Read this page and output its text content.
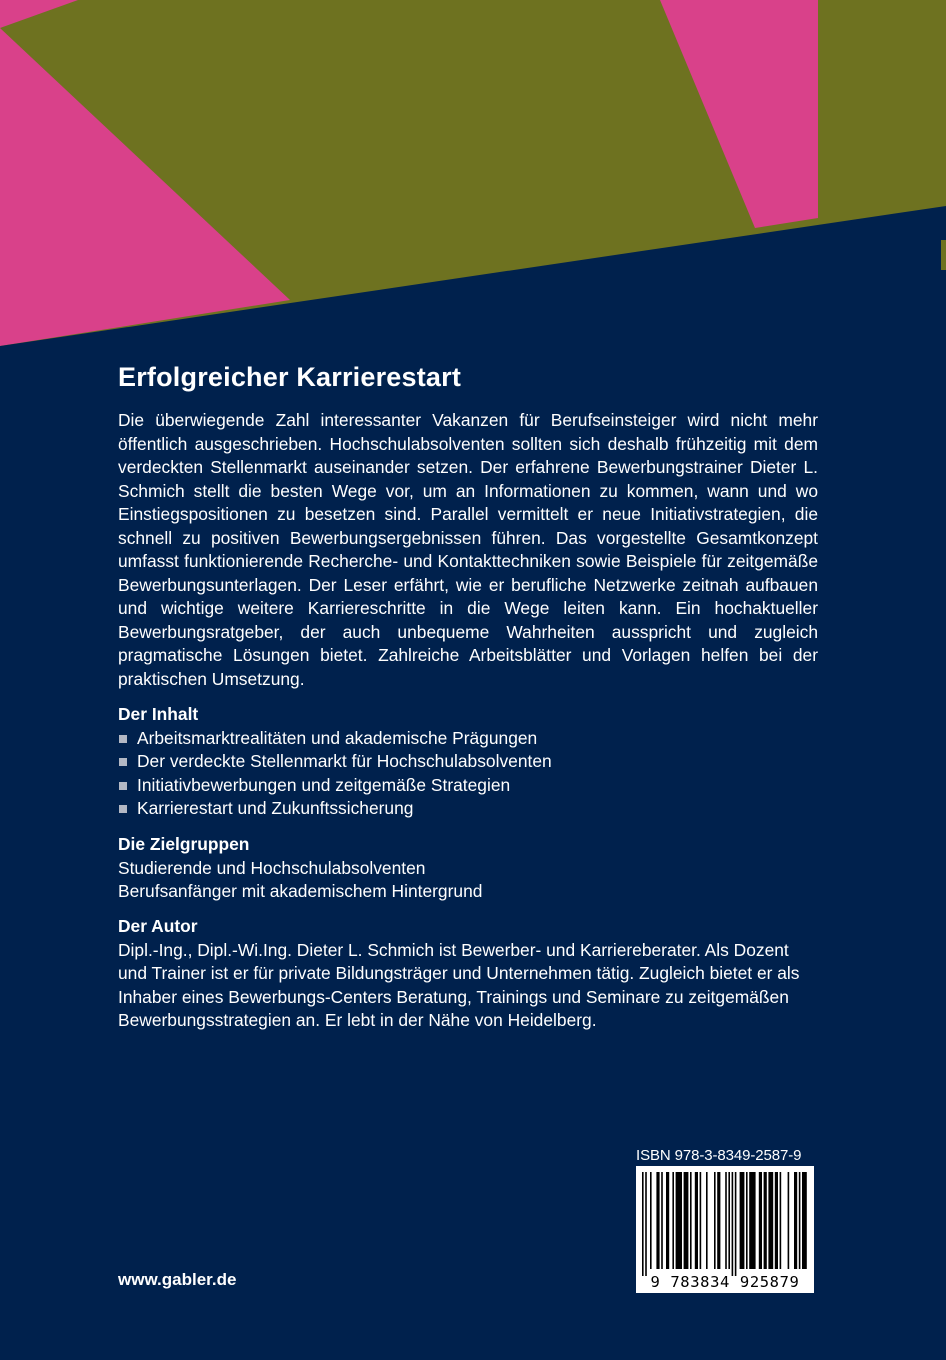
Erfolgreicher Karrierestart

Die überwiegende Zahl interessanter Vakanzen für Berufseinsteiger wird nicht mehr öffentlich ausgeschrieben. Hochschulabsolventen sollten sich deshalb frühzeitig mit dem verdeckten Stellenmarkt auseinander setzen. Der erfahrene Bewerbungstrainer Dieter L. Schmich stellt die besten Wege vor, um an Informationen zu kommen, wann und wo Einstiegspositionen zu besetzen sind. Parallel vermittelt er neue Initiativstrategien, die schnell zu positiven Bewerbungsergebnissen führen. Das vorgestellte Gesamtkonzept umfasst funktionierende Recherche- und Kontakttechniken sowie Beispiele für zeitgemäße Bewerbungsunterlagen. Der Leser erfährt, wie er berufliche Netzwerke zeitnah aufbauen und wichtige weitere Karriereschritte in die Wege leiten kann. Ein hochaktueller Bewerbungsratgeber, der auch unbequeme Wahrheiten ausspricht und zugleich pragmatische Lösungen bietet. Zahlreiche Arbeitsblätter und Vorlagen helfen bei der praktischen Umsetzung.

Der Inhalt
Arbeitsmarktrealitäten und akademische Prägungen
Der verdeckte Stellenmarkt für Hochschulabsolventen
Initiativbewerbungen und zeitgemäße Strategien
Karrierestart und Zukunftssicherung
Die Zielgruppen
Studierende und Hochschulabsolventen
Berufsanfänger mit akademischem Hintergrund
Der Autor

Dipl.-Ing., Dipl.-Wi.Ing. Dieter L. Schmich ist Bewerber- und Karriereberater. Als Dozent und Trainer ist er für private Bildungsträger und Unternehmen tätig. Zugleich bietet er als Inhaber eines Bewerbungs-Centers Beratung, Trainings und Seminare zu zeitgemäßen Bewerbungsstrategien an. Er lebt in der Nähe von Heidelberg.

ISBN 978-3-8349-2587-9
9 783834 925879
www.gabler.de
